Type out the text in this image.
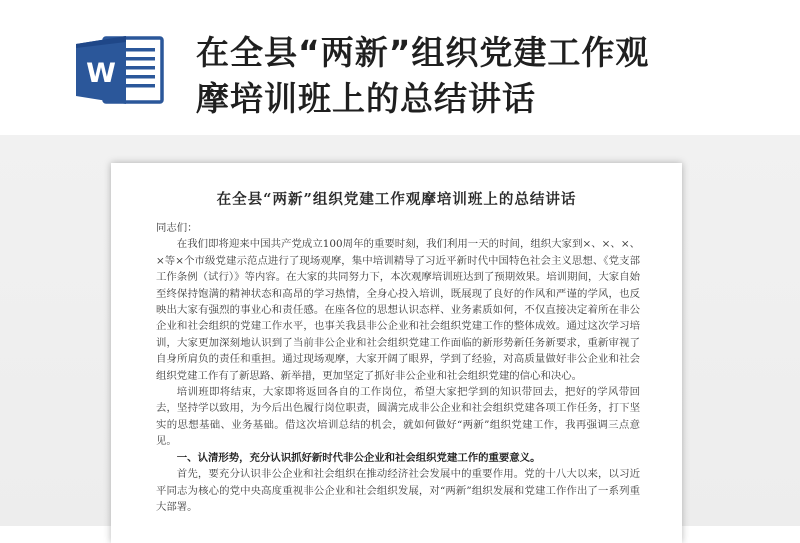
W
在全县“两新”组织党建工作观
摩培训班上的总结讲话
在全县“两新”组织党建工作观摩培训班上的总结讲话

同志们：

在我们即将迎来中国共产党成立100周年的重要时刻，我们利用一天的时间，组织大家到×、×、×、×等×个市级党建示范点进行了现场观摩，集中培训精导了习近平新时代中国特色社会主义思想、《党支部工作条例（试行）》等内容。在大家的共同努力下，本次观摩培训班达到了预期效果。培训期间，大家自始至终保持饱满的精神状态和高昂的学习热情，全身心投入培训，既展现了良好的作风和严谨的学风，也反映出大家有强烈的事业心和责任感。在座各位的思想认识态样、业务素质如何，不仅直接决定着所在非公企业和社会组织的党建工作水平，也事关我县非公企业和社会组织党建工作的整体成效。通过这次学习培训，大家更加深刻地认识到了当前非公企业和社会组织党建工作面临的新形势新任务新要求，重新审视了自身所肩负的责任和重担。通过现场观摩，大家开阔了眼界，学到了经验，对高质量做好非公企业和社会组织党建工作有了新思路、新举措，更加坚定了抓好非公企业和社会组织党建的信心和决心。

培训班即将结束，大家即将返回各自的工作岗位，希望大家把学到的知识带回去，把好的学风带回去，坚持学以致用，为今后出色履行岗位职责，圆满完成非公企业和社会组织党建各项工作任务，打下坚实的思想基础、业务基础。借这次培训总结的机会，就如何做好“两新”组织党建工作，我再强调三点意见。

一、认清形势，充分认识抓好新时代非公企业和社会组织党建工作的重要意义。

首先，要充分认识非公企业和社会组织在推动经济社会发展中的重要作用。党的十八大以来，以习近平同志为核心的党中央高度重视非公企业和社会组织发展，对“两新”组织发展和党建工作作出了一系列重大部署。
